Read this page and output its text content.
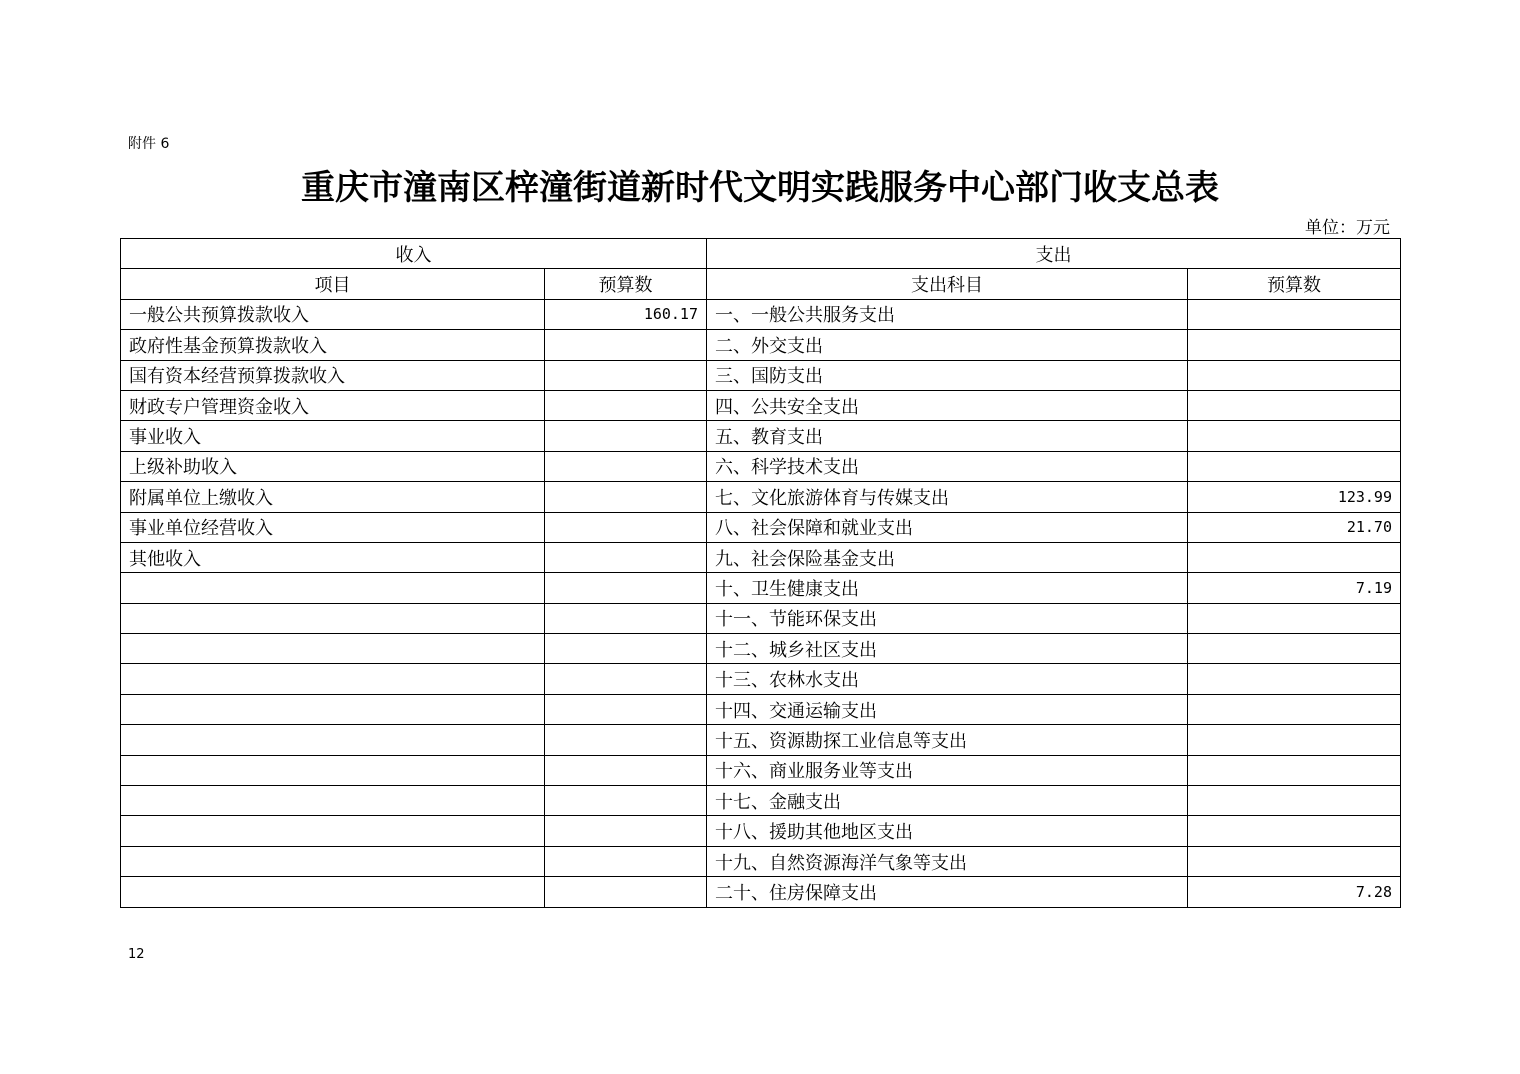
附件 6
重庆市潼南区梓潼街道新时代文明实践服务中心部门收支总表
单位：万元
收入		支出	
项目	预算数	支出科目	预算数
一般公共预算拨款收入	160.17	一、一般公共服务支出	
政府性基金预算拨款收入		二、外交支出	
国有资本经营预算拨款收入		三、国防支出	
财政专户管理资金收入		四、公共安全支出	
事业收入		五、教育支出	
上级补助收入		六、科学技术支出	
附属单位上缴收入		七、文化旅游体育与传媒支出	123.99
事业单位经营收入		八、社会保障和就业支出	21.70
其他收入		九、社会保险基金支出	
		十、卫生健康支出	7.19
		十一、节能环保支出	
		十二、城乡社区支出	
		十三、农林水支出	
		十四、交通运输支出	
		十五、资源勘探工业信息等支出	
		十六、商业服务业等支出	
		十七、金融支出	
		十八、援助其他地区支出	
		十九、自然资源海洋气象等支出	
		二十、住房保障支出	7.28
12
